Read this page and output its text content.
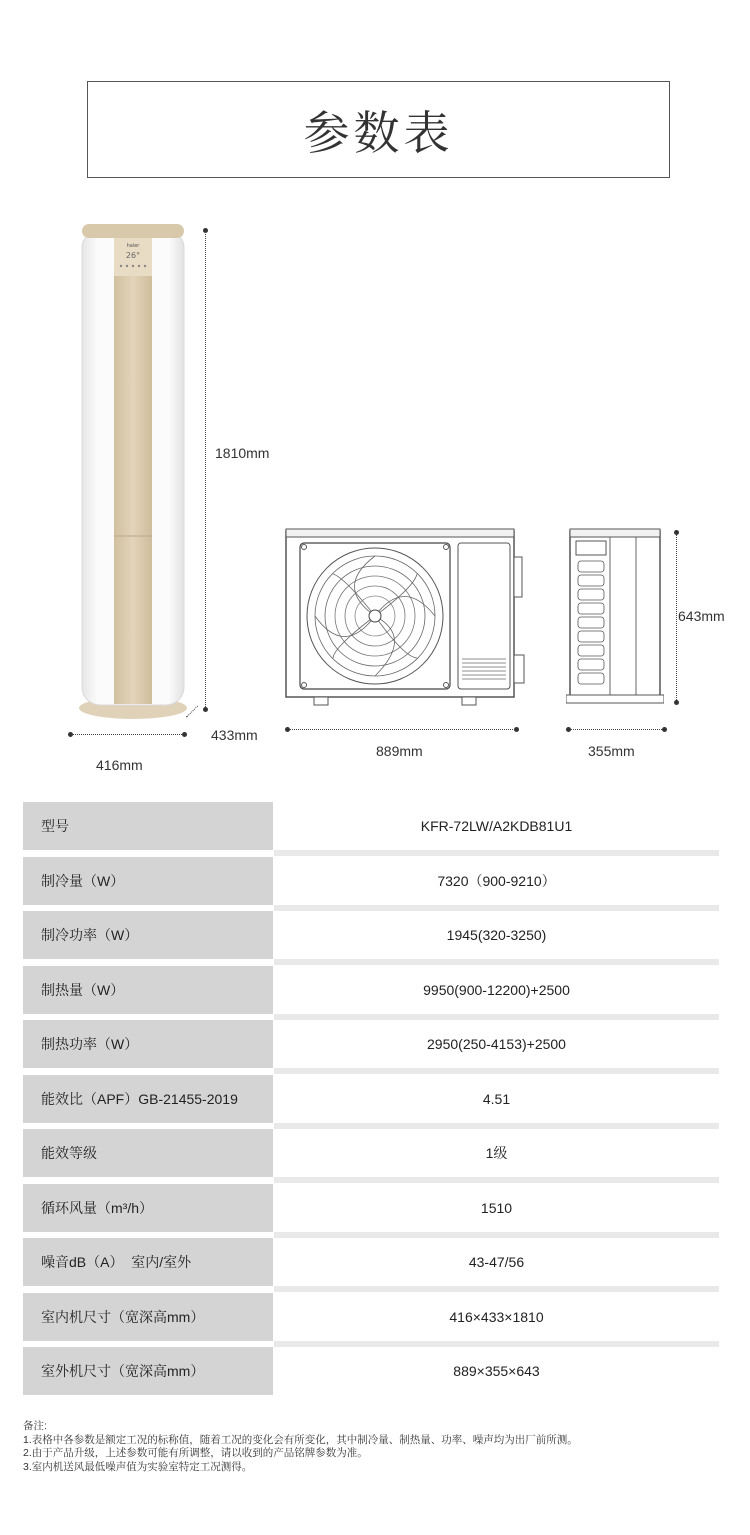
参数表
haier
26°
1810mm
416mm
433mm
889mm	355mm
643mm
型号	KFR-72LW/A2KDB81U1
制冷量（W）	7320（900-9210）
制冷功率（W）	1945(320-3250)
制热量（W）	9950(900-12200)+2500
制热功率（W）	2950(250-4153)+2500
能效比（APF）GB-21455-2019	4.51
能效等级	1级
循环风量（m³/h）	1510
噪音dB（A）  室内/室外	43-47/56
室内机尺寸（宽深高mm）	416×433×1810
室外机尺寸（宽深高mm）	889×355×643
备注:
1.表格中各参数是额定工况的标称值，随着工况的变化会有所变化，其中制冷量、制热量、功率、噪声均为出厂前所测。
2.由于产品升级，上述参数可能有所调整，请以收到的产品铭牌参数为准。
3.室内机送风最低噪声值为实验室特定工况测得。
